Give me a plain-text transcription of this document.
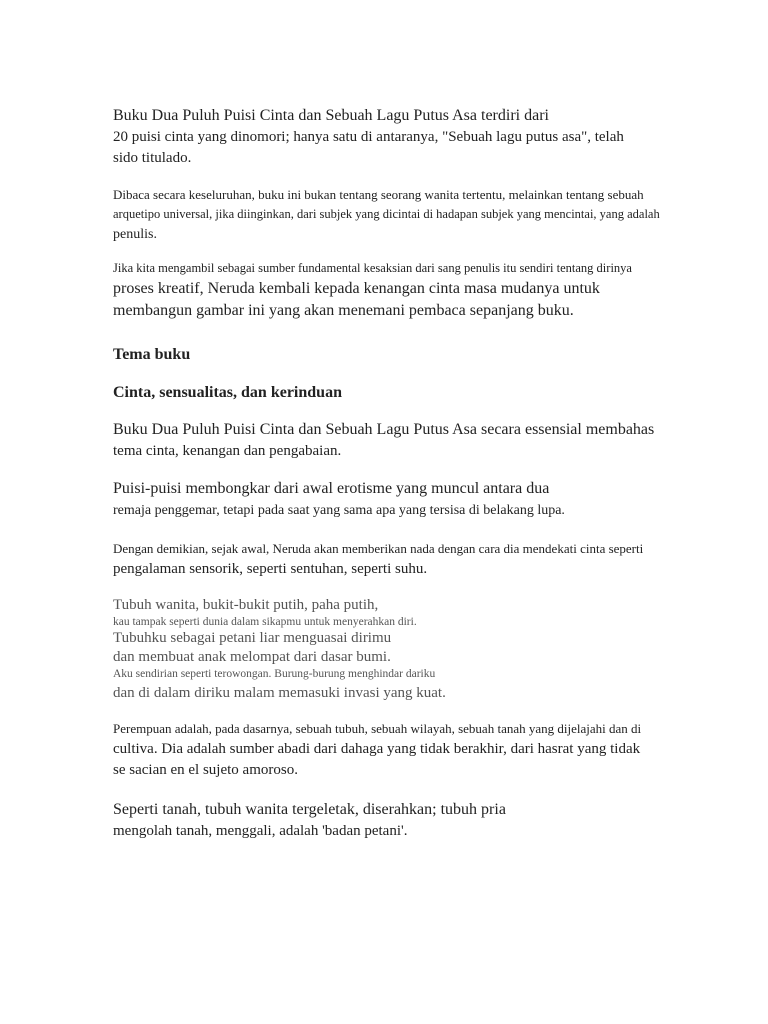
Buku Dua Puluh Puisi Cinta dan Sebuah Lagu Putus Asa terdiri dari
20 puisi cinta yang dinomori; hanya satu di antaranya, "Sebuah lagu putus asa", telah
sido titulado.

Dibaca secara keseluruhan, buku ini bukan tentang seorang wanita tertentu, melainkan tentang sebuah
arquetipo universal, jika diinginkan, dari subjek yang dicintai di hadapan subjek yang mencintai, yang adalah
penulis.

Jika kita mengambil sebagai sumber fundamental kesaksian dari sang penulis itu sendiri tentang dirinya
proses kreatif, Neruda kembali kepada kenangan cinta masa mudanya untuk
membangun gambar ini yang akan menemani pembaca sepanjang buku.

Tema buku
Cinta, sensualitas, dan kerinduan

Buku Dua Puluh Puisi Cinta dan Sebuah Lagu Putus Asa secara essensial membahas
tema cinta, kenangan dan pengabaian.

Puisi-puisi membongkar dari awal erotisme yang muncul antara dua
remaja penggemar, tetapi pada saat yang sama apa yang tersisa di belakang lupa.

Dengan demikian, sejak awal, Neruda akan memberikan nada dengan cara dia mendekati cinta seperti
pengalaman sensorik, seperti sentuhan, seperti suhu.

Tubuh wanita, bukit-bukit putih, paha putih,
kau tampak seperti dunia dalam sikapmu untuk menyerahkan diri.
Tubuhku sebagai petani liar menguasai dirimu
dan membuat anak melompat dari dasar bumi.
Aku sendirian seperti terowongan. Burung-burung menghindar dariku
dan di dalam diriku malam memasuki invasi yang kuat.

Perempuan adalah, pada dasarnya, sebuah tubuh, sebuah wilayah, sebuah tanah yang dijelajahi dan di
cultiva. Dia adalah sumber abadi dari dahaga yang tidak berakhir, dari hasrat yang tidak
se sacian en el sujeto amoroso.

Seperti tanah, tubuh wanita tergeletak, diserahkan; tubuh pria
mengolah tanah, menggali, adalah 'badan petani'.
